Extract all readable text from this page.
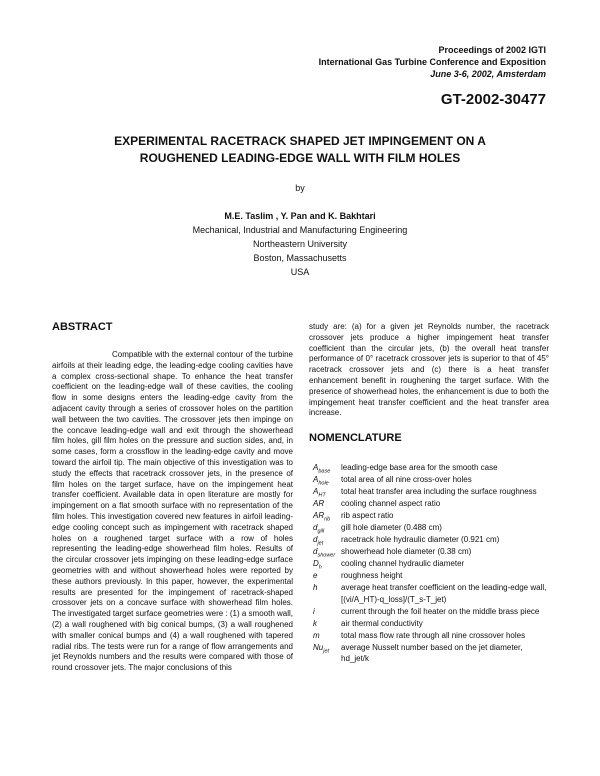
Proceedings of 2002 IGTI
International Gas Turbine Conference and Exposition
June 3-6, 2002, Amsterdam
GT-2002-30477
EXPERIMENTAL RACETRACK SHAPED JET IMPINGEMENT ON A
ROUGHENED LEADING-EDGE WALL WITH FILM HOLES
by
M.E. Taslim , Y. Pan and K. Bakhtari
Mechanical, Industrial and Manufacturing Engineering
Northeastern University
Boston, Massachusetts
USA
ABSTRACT
Compatible with the external contour of the turbine airfoils at their leading edge, the leading-edge cooling cavities have a complex cross-sectional shape. To enhance the heat transfer coefficient on the leading-edge wall of these cavities, the cooling flow in some designs enters the leading-edge cavity from the adjacent cavity through a series of crossover holes on the partition wall between the two cavities. The crossover jets then impinge on the concave leading-edge wall and exit through the showerhead film holes, gill film holes on the pressure and suction sides, and, in some cases, form a crossflow in the leading-edge cavity and move toward the airfoil tip. The main objective of this investigation was to study the effects that racetrack crossover jets, in the presence of film holes on the target surface, have on the impingement heat transfer coefficient. Available data in open literature are mostly for impingement on a flat smooth surface with no representation of the film holes. This investigation covered new features in airfoil leading-edge cooling concept such as impingement with racetrack shaped holes on a roughened target surface with a row of holes representing the leading-edge showerhead film holes. Results of the circular crossover jets impinging on these leading-edge surface geometries with and without showerhead holes were reported by these authors previously. In this paper, however, the experimental results are presented for the impingement of racetrack-shaped crossover jets on a concave surface with showerhead film holes. The investigated target surface geometries were : (1) a smooth wall, (2) a wall roughened with big conical bumps, (3) a wall roughened with smaller conical bumps and (4) a wall roughened with tapered radial ribs. The tests were run for a range of flow arrangements and jet Reynolds numbers and the results were compared with those of round crossover jets. The major conclusions of this
study are: (a) for a given jet Reynolds number, the racetrack crossover jets produce a higher impingement heat transfer coefficient than the circular jets, (b) the overall heat transfer performance of 0° racetrack crossover jets is superior to that of 45° racetrack crossover jets and (c) there is a heat transfer enhancement benefit in roughening the target surface. With the presence of showerhead holes, the enhancement is due to both the impingement heat transfer coefficient and the heat transfer area increase.
NOMENCLATURE
$A_{base}$	leading-edge base area for the smooth case
$A_{hole}$	total area of all nine cross-over holes
$A_{HT}$	total heat transfer area including the surface roughness
AR	cooling channel aspect ratio
$AR_{rib}$	rib aspect ratio
$d_{gill}$	gill hole diameter (0.488 cm)
$d_{jet}$	racetrack hole hydraulic diameter (0.921 cm)
$d_{shower}$ showerhead hole diameter (0.38 cm)
$D_h$	cooling channel hydraulic diameter
e	roughness height
h	average heat transfer coefficient on the leading-edge wall, [(vi/A_HT)-q_loss]/(T_s-T_jet)
i	current through the foil heater on the middle brass piece
k	air thermal conductivity
m	total mass flow rate through all nine crossover holes
$Nu_{jet}$	average Nusselt number based on the jet diameter, hd_jet/k
